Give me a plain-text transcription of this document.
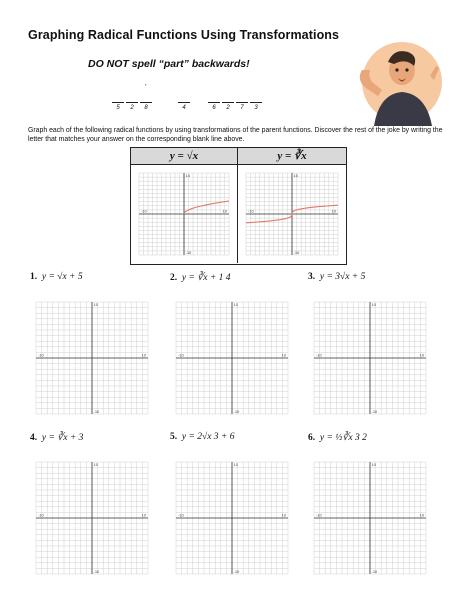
Graphing Radical Functions Using Transformations
DO NOT spell “part” backwards!
’
5	2	8	4	6	2	7	3
Graph each of the following radical functions by using transformations of the parent functions. Discover the rest of the joke by writing the letter that matches your answer on the corresponding blank line above.
y = √x	y = ∛x
-10	10
10
-10
-10	10
10
-10
1. y = √x + 5	2. y = ∛x + 1 4	3. y = 3√x + 5
-10	10
10
-10
-10	10
10
-10
-10	10
10
-10
4. y = ∛x + 3	5. y = 2√x 3 + 6	6. y = ½∛x 3 2
-10	10
10
-10
-10	10
10
-10
-10	10
10
-10
